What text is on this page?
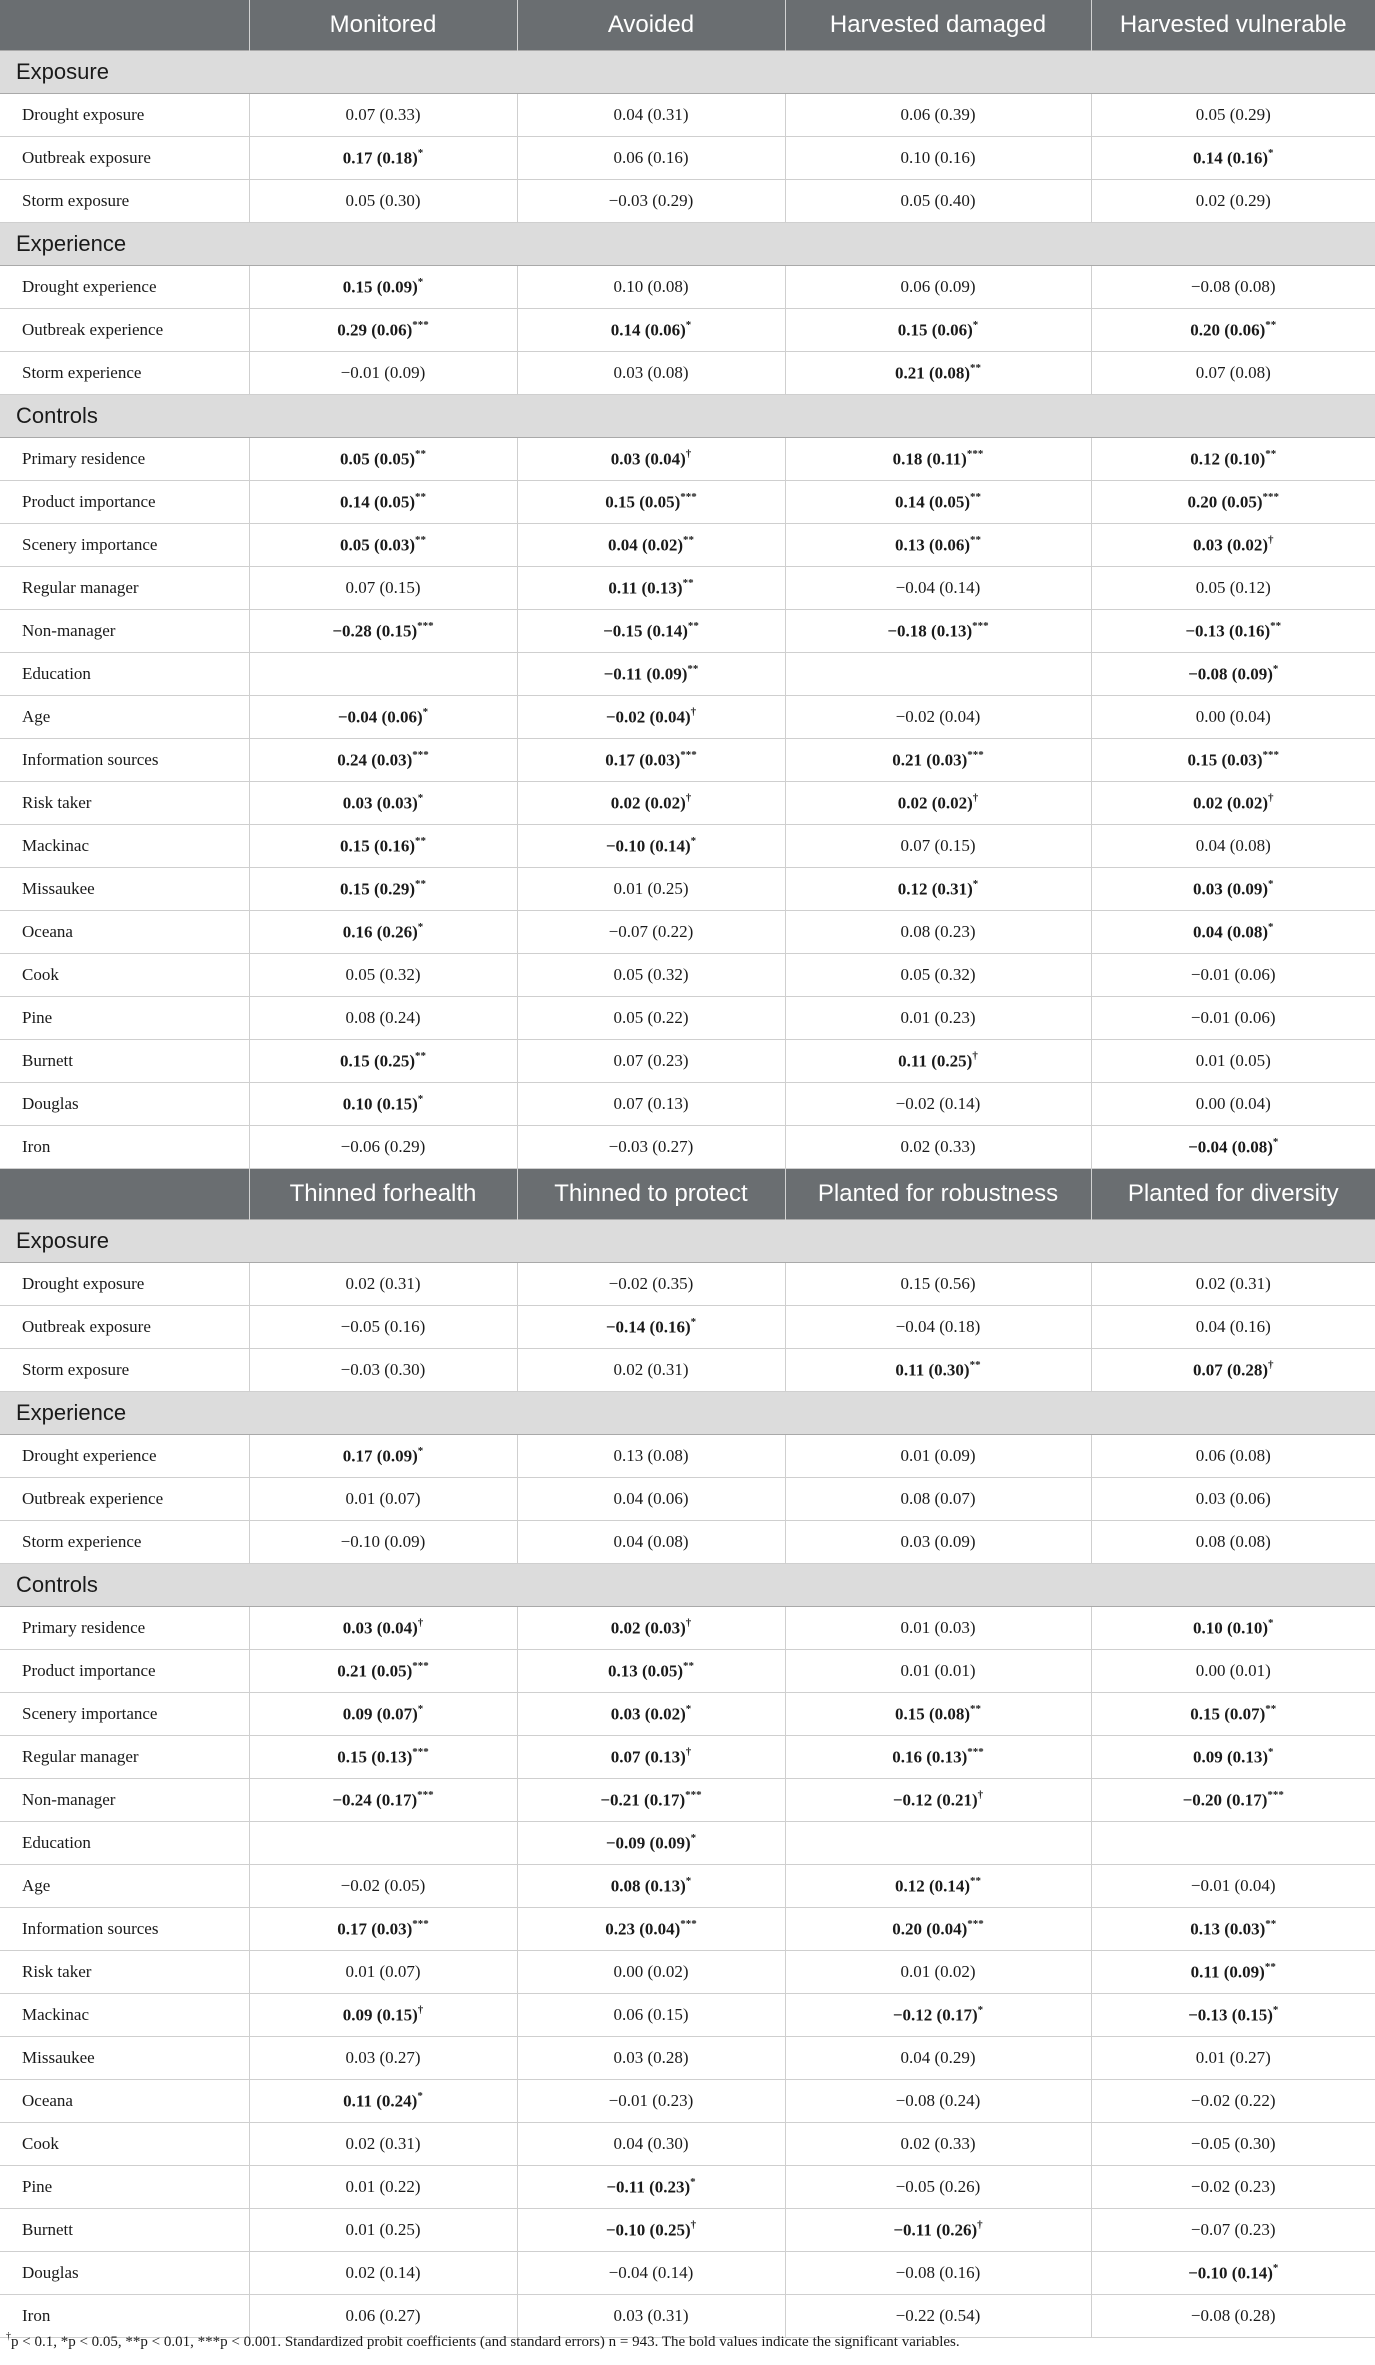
	Monitored	Avoided	Harvested damaged	Harvested vulnerable
Exposure				
Drought exposure	0.07 (0.33)	0.04 (0.31)	0.06 (0.39)	0.05 (0.29)
Outbreak exposure	0.17 (0.18)*	0.06 (0.16)	0.10 (0.16)	0.14 (0.16)*
Storm exposure	0.05 (0.30)	−0.03 (0.29)	0.05 (0.40)	0.02 (0.29)
Experience				
Drought experience	0.15 (0.09)*	0.10 (0.08)	0.06 (0.09)	−0.08 (0.08)
Outbreak experience	0.29 (0.06)***	0.14 (0.06)*	0.15 (0.06)*	0.20 (0.06)**
Storm experience	−0.01 (0.09)	0.03 (0.08)	0.21 (0.08)**	0.07 (0.08)
Controls				
Primary residence	0.05 (0.05)**	0.03 (0.04)†	0.18 (0.11)***	0.12 (0.10)**
Product importance	0.14 (0.05)**	0.15 (0.05)***	0.14 (0.05)**	0.20 (0.05)***
Scenery importance	0.05 (0.03)**	0.04 (0.02)**	0.13 (0.06)**	0.03 (0.02)†
Regular manager	0.07 (0.15)	0.11 (0.13)**	−0.04 (0.14)	0.05 (0.12)
Non-manager	−0.28 (0.15)***	−0.15 (0.14)**	−0.18 (0.13)***	−0.13 (0.16)**
Education		−0.11 (0.09)**		−0.08 (0.09)*
Age	−0.04 (0.06)*	−0.02 (0.04)†	−0.02 (0.04)	0.00 (0.04)
Information sources	0.24 (0.03)***	0.17 (0.03)***	0.21 (0.03)***	0.15 (0.03)***
Risk taker	0.03 (0.03)*	0.02 (0.02)†	0.02 (0.02)†	0.02 (0.02)†
Mackinac	0.15 (0.16)**	−0.10 (0.14)*	0.07 (0.15)	0.04 (0.08)
Missaukee	0.15 (0.29)**	0.01 (0.25)	0.12 (0.31)*	0.03 (0.09)*
Oceana	0.16 (0.26)*	−0.07 (0.22)	0.08 (0.23)	0.04 (0.08)*
Cook	0.05 (0.32)	0.05 (0.32)	0.05 (0.32)	−0.01 (0.06)
Pine	0.08 (0.24)	0.05 (0.22)	0.01 (0.23)	−0.01 (0.06)
Burnett	0.15 (0.25)**	0.07 (0.23)	0.11 (0.25)†	0.01 (0.05)
Douglas	0.10 (0.15)*	0.07 (0.13)	−0.02 (0.14)	0.00 (0.04)
Iron	−0.06 (0.29)	−0.03 (0.27)	0.02 (0.33)	−0.04 (0.08)*
	Thinned forhealth	Thinned to protect	Planted for robustness	Planted for diversity
Exposure				
Drought exposure	0.02 (0.31)	−0.02 (0.35)	0.15 (0.56)	0.02 (0.31)
Outbreak exposure	−0.05 (0.16)	−0.14 (0.16)*	−0.04 (0.18)	0.04 (0.16)
Storm exposure	−0.03 (0.30)	0.02 (0.31)	0.11 (0.30)**	0.07 (0.28)†
Experience				
Drought experience	0.17 (0.09)*	0.13 (0.08)	0.01 (0.09)	0.06 (0.08)
Outbreak experience	0.01 (0.07)	0.04 (0.06)	0.08 (0.07)	0.03 (0.06)
Storm experience	−0.10 (0.09)	0.04 (0.08)	0.03 (0.09)	0.08 (0.08)
Controls				
Primary residence	0.03 (0.04)†	0.02 (0.03)†	0.01 (0.03)	0.10 (0.10)*
Product importance	0.21 (0.05)***	0.13 (0.05)**	0.01 (0.01)	0.00 (0.01)
Scenery importance	0.09 (0.07)*	0.03 (0.02)*	0.15 (0.08)**	0.15 (0.07)**
Regular manager	0.15 (0.13)***	0.07 (0.13)†	0.16 (0.13)***	0.09 (0.13)*
Non-manager	−0.24 (0.17)***	−0.21 (0.17)***	−0.12 (0.21)†	−0.20 (0.17)***
Education		−0.09 (0.09)*		
Age	−0.02 (0.05)	0.08 (0.13)*	0.12 (0.14)**	−0.01 (0.04)
Information sources	0.17 (0.03)***	0.23 (0.04)***	0.20 (0.04)***	0.13 (0.03)**
Risk taker	0.01 (0.07)	0.00 (0.02)	0.01 (0.02)	0.11 (0.09)**
Mackinac	0.09 (0.15)†	0.06 (0.15)	−0.12 (0.17)*	−0.13 (0.15)*
Missaukee	0.03 (0.27)	0.03 (0.28)	0.04 (0.29)	0.01 (0.27)
Oceana	0.11 (0.24)*	−0.01 (0.23)	−0.08 (0.24)	−0.02 (0.22)
Cook	0.02 (0.31)	0.04 (0.30)	0.02 (0.33)	−0.05 (0.30)
Pine	0.01 (0.22)	−0.11 (0.23)*	−0.05 (0.26)	−0.02 (0.23)
Burnett	0.01 (0.25)	−0.10 (0.25)†	−0.11 (0.26)†	−0.07 (0.23)
Douglas	0.02 (0.14)	−0.04 (0.14)	−0.08 (0.16)	−0.10 (0.14)*
Iron	0.06 (0.27)	0.03 (0.31)	−0.22 (0.54)	−0.08 (0.28)
†p < 0.1, *p < 0.05, **p < 0.01, ***p < 0.001. Standardized probit coefficients (and standard errors) n = 943. The bold values indicate the significant variables.
